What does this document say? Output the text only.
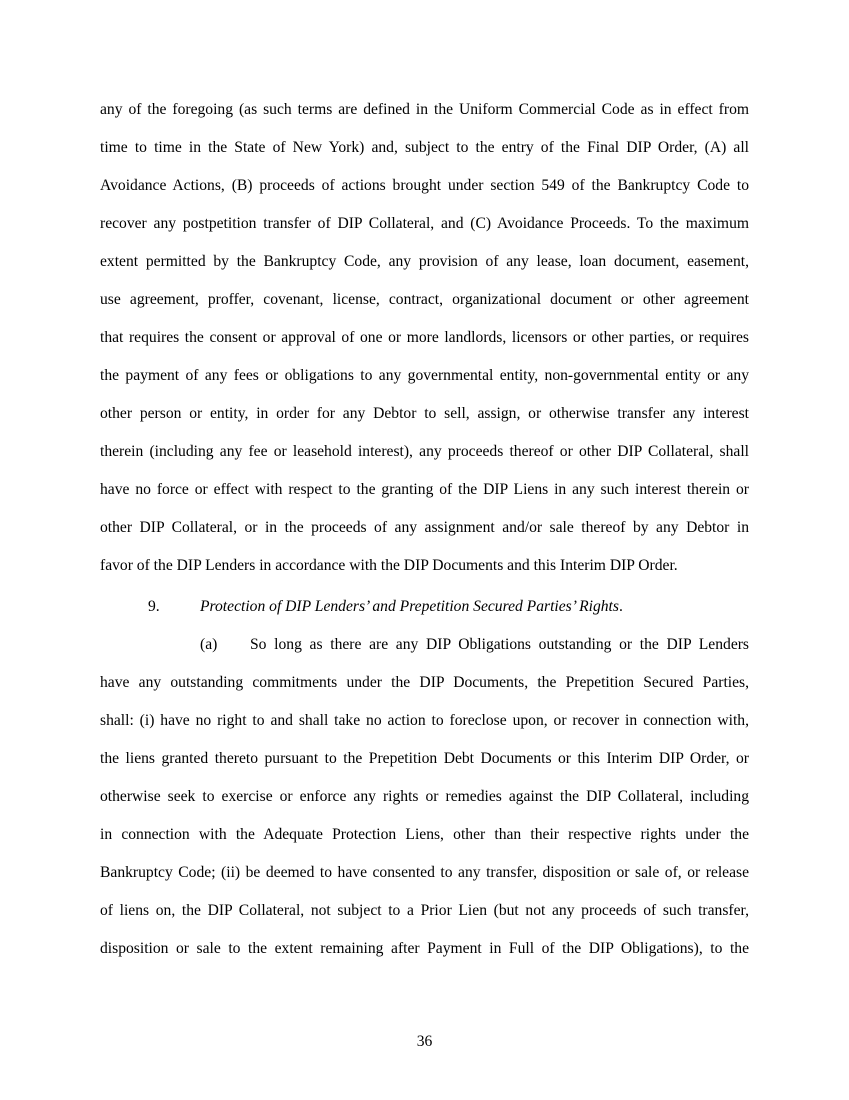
any of the foregoing (as such terms are defined in the Uniform Commercial Code as in effect from
time to time in the State of New York) and, subject to the entry of the Final DIP Order, (A) all
Avoidance Actions, (B) proceeds of actions brought under section 549 of the Bankruptcy Code to
recover any postpetition transfer of DIP Collateral, and (C) Avoidance Proceeds. To the maximum
extent permitted by the Bankruptcy Code, any provision of any lease, loan document, easement,
use agreement, proffer, covenant, license, contract, organizational document or other agreement
that requires the consent or approval of one or more landlords, licensors or other parties, or requires
the payment of any fees or obligations to any governmental entity, non-governmental entity or any
other person or entity, in order for any Debtor to sell, assign, or otherwise transfer any interest
therein (including any fee or leasehold interest), any proceeds thereof or other DIP Collateral, shall
have no force or effect with respect to the granting of the DIP Liens in any such interest therein or
other DIP Collateral, or in the proceeds of any assignment and/or sale thereof by any Debtor in
favor of the DIP Lenders in accordance with the DIP Documents and this Interim DIP Order.
9.	Protection of DIP Lenders’ and Prepetition Secured Parties’ Rights.
(a) So long as there are any DIP Obligations outstanding or the DIP Lenders
have any outstanding commitments under the DIP Documents, the Prepetition Secured Parties,
shall: (i) have no right to and shall take no action to foreclose upon, or recover in connection with,
the liens granted thereto pursuant to the Prepetition Debt Documents or this Interim DIP Order, or
otherwise seek to exercise or enforce any rights or remedies against the DIP Collateral, including
in connection with the Adequate Protection Liens, other than their respective rights under the
Bankruptcy Code; (ii) be deemed to have consented to any transfer, disposition or sale of, or release
of liens on, the DIP Collateral, not subject to a Prior Lien (but not any proceeds of such transfer,
disposition or sale to the extent remaining after Payment in Full of the DIP Obligations), to the
36
